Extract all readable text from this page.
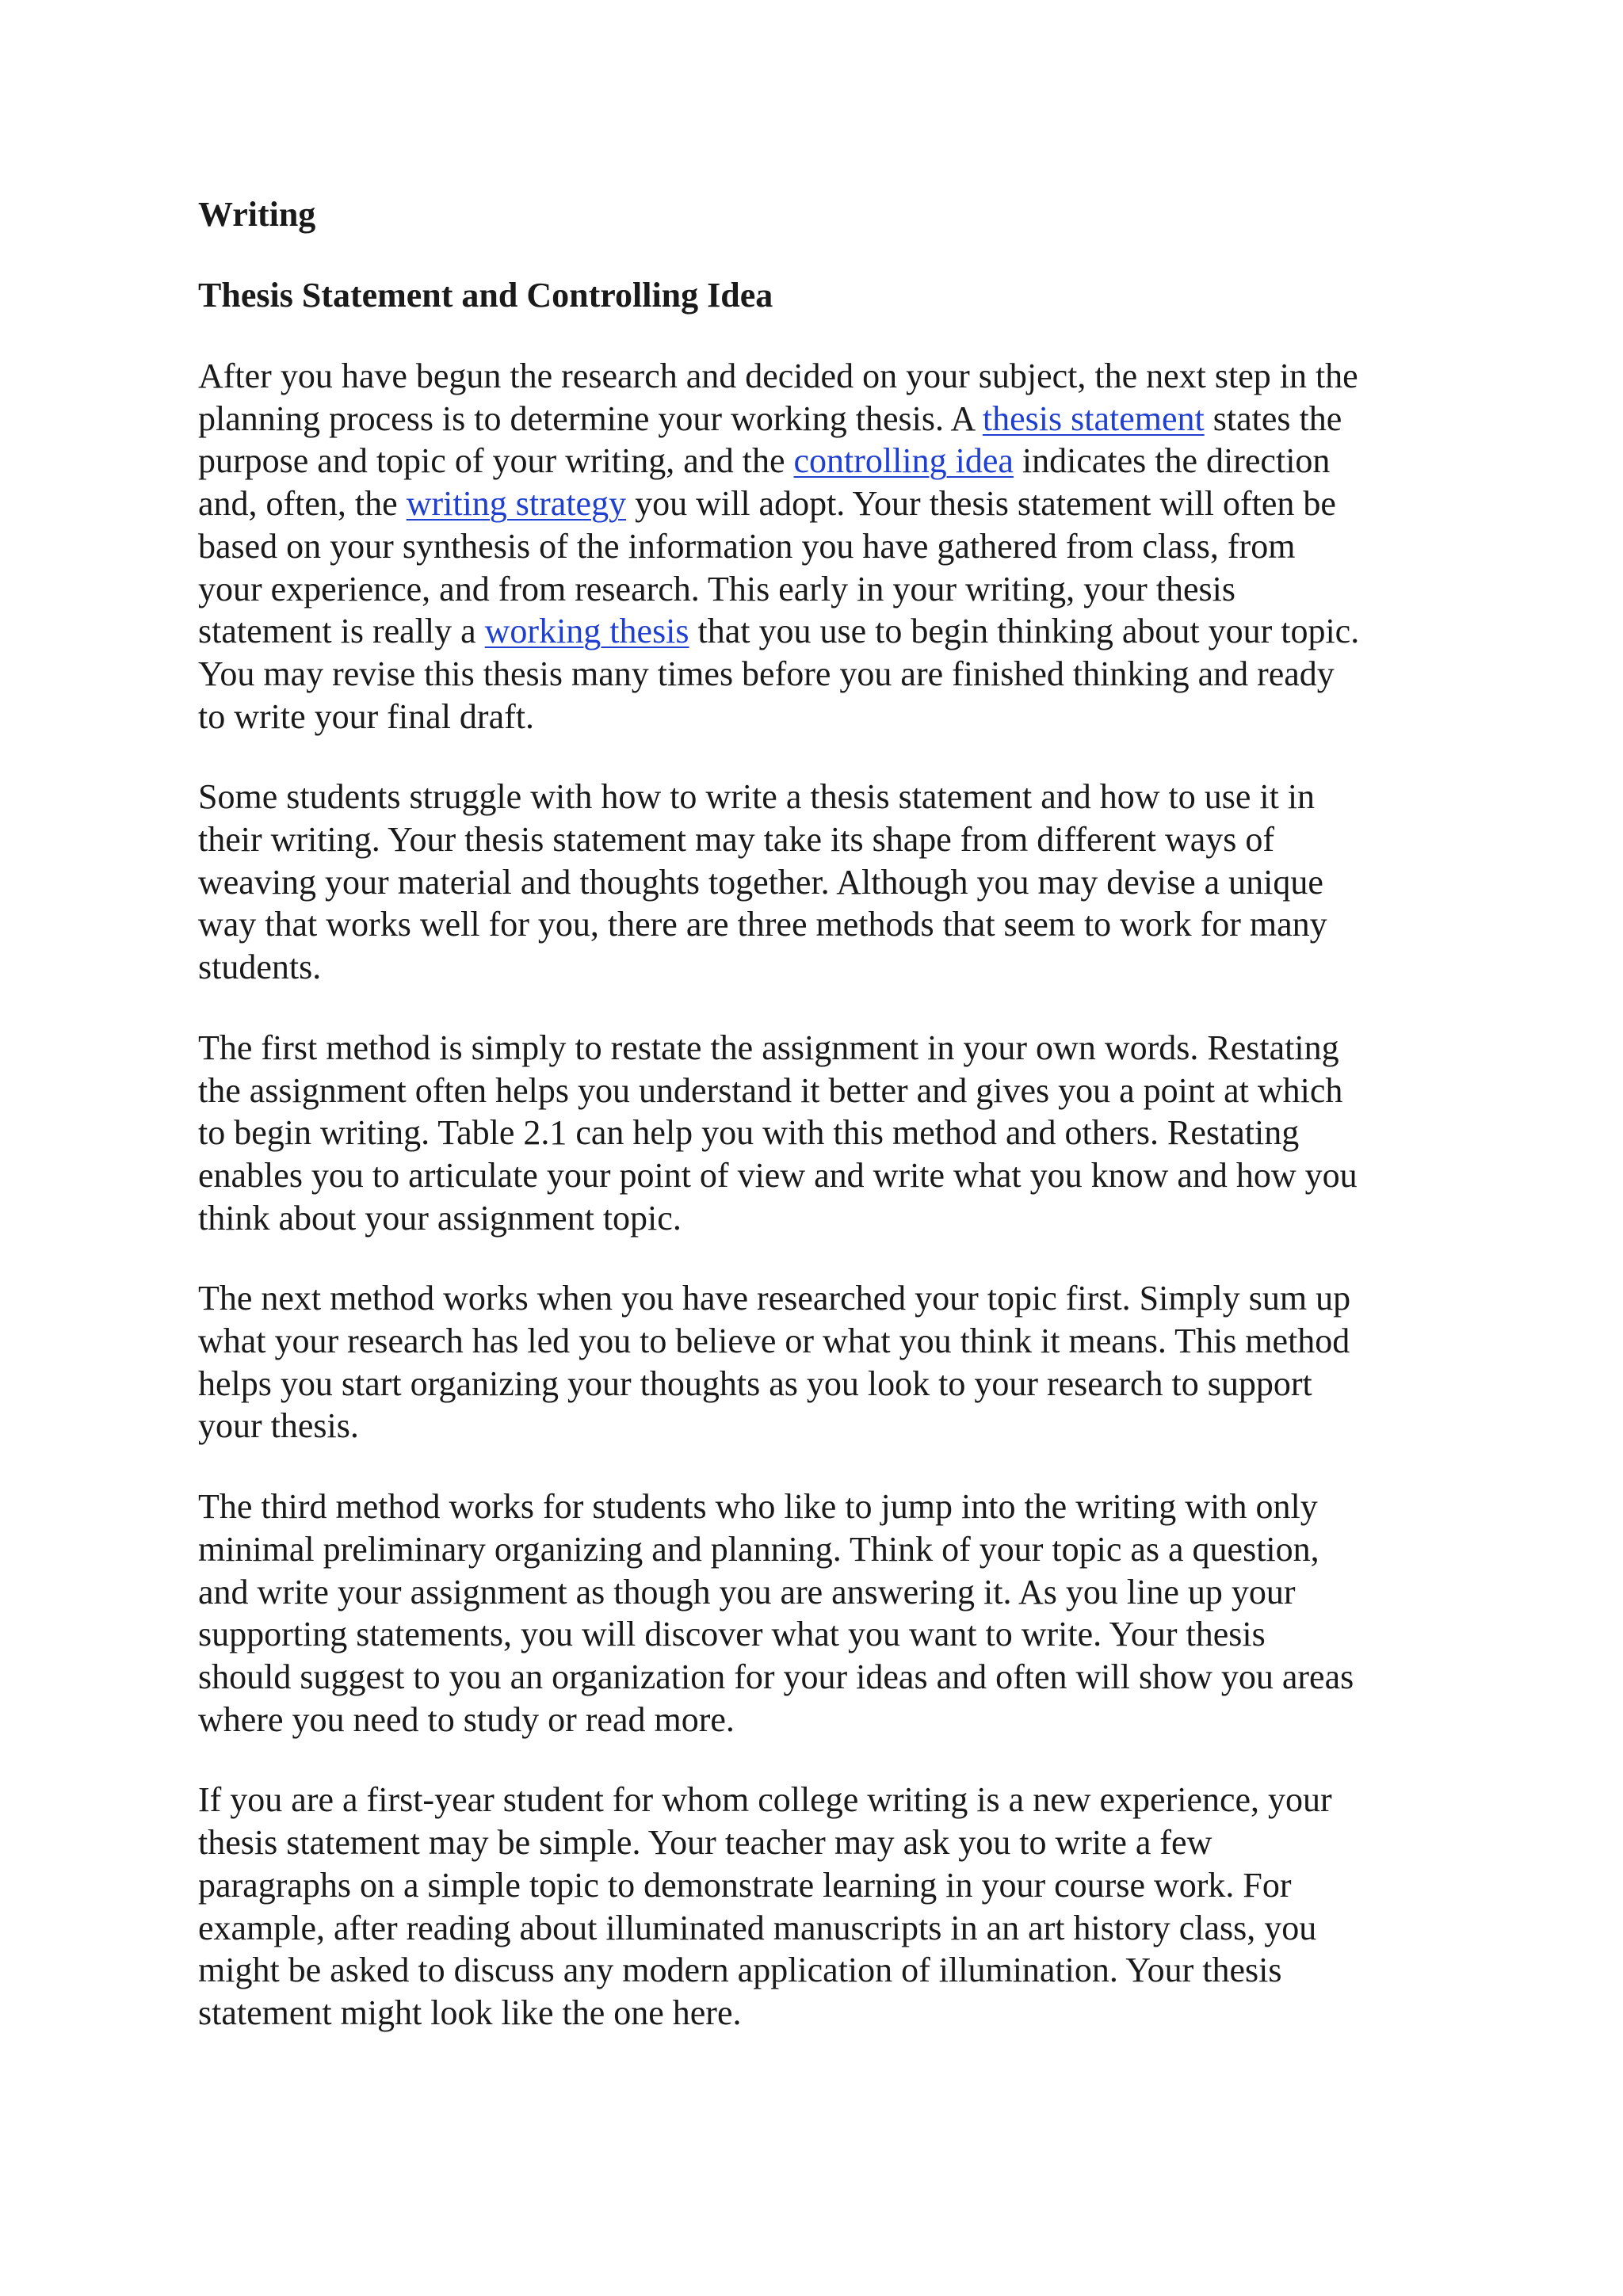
Writing
Thesis Statement and Controlling Idea
After you have begun the research and decided on your subject, the next step in the
planning process is to determine your working thesis. A thesis statement states the
purpose and topic of your writing, and the controlling idea indicates the direction
and, often, the writing strategy you will adopt. Your thesis statement will often be
based on your synthesis of the information you have gathered from class, from
your experience, and from research. This early in your writing, your thesis
statement is really a working thesis that you use to begin thinking about your topic.
You may revise this thesis many times before you are finished thinking and ready
to write your final draft.
Some students struggle with how to write a thesis statement and how to use it in
their writing. Your thesis statement may take its shape from different ways of
weaving your material and thoughts together. Although you may devise a unique
way that works well for you, there are three methods that seem to work for many
students.
The first method is simply to restate the assignment in your own words. Restating
the assignment often helps you understand it better and gives you a point at which
to begin writing. Table 2.1 can help you with this method and others. Restating
enables you to articulate your point of view and write what you know and how you
think about your assignment topic.
The next method works when you have researched your topic first. Simply sum up
what your research has led you to believe or what you think it means. This method
helps you start organizing your thoughts as you look to your research to support
your thesis.
The third method works for students who like to jump into the writing with only
minimal preliminary organizing and planning. Think of your topic as a question,
and write your assignment as though you are answering it. As you line up your
supporting statements, you will discover what you want to write. Your thesis
should suggest to you an organization for your ideas and often will show you areas
where you need to study or read more.
If you are a first-year student for whom college writing is a new experience, your
thesis statement may be simple. Your teacher may ask you to write a few
paragraphs on a simple topic to demonstrate learning in your course work. For
example, after reading about illuminated manuscripts in an art history class, you
might be asked to discuss any modern application of illumination. Your thesis
statement might look like the one here.
